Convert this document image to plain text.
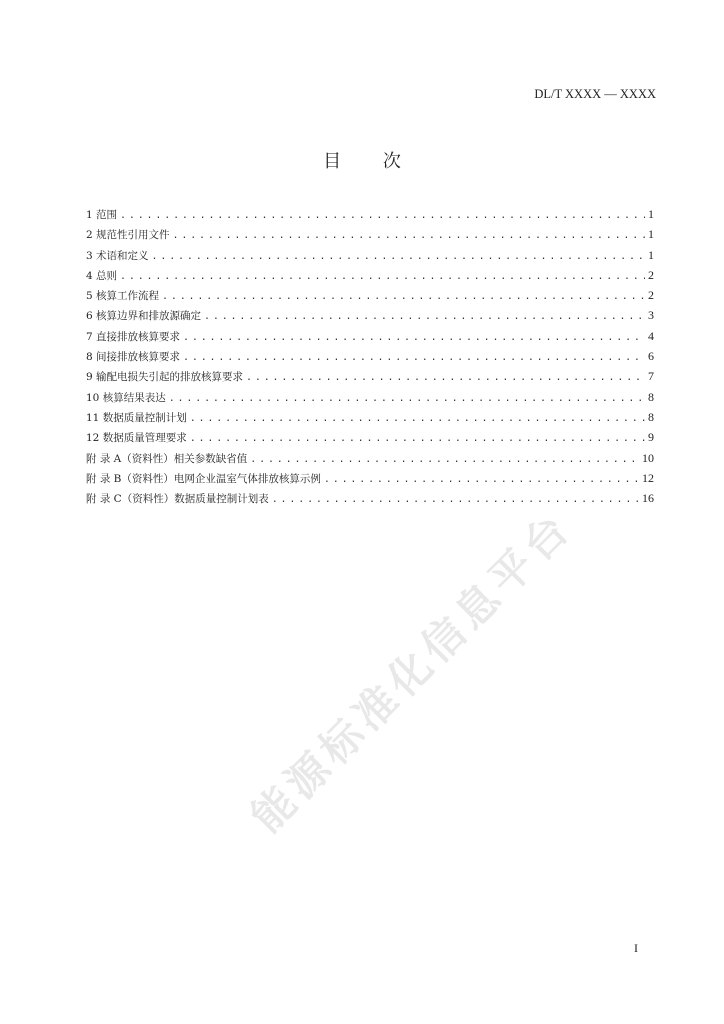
DL/T XXXX — XXXX
目 次
1 范围 . . .	1
2 规范性引用文件 . . .	1
3 术语和定义 . . .	1
4 总则 . . .	2
5 核算工作流程 . . .	2
6 核算边界和排放源确定 . . .	3
7 直接排放核算要求 . . .	4
8 间接排放核算要求 . . .	6
9 输配电损失引起的排放核算要求 . . .	7
10 核算结果表达 . . .	8
11 数据质量控制计划 . . .	8
12 数据质量管理要求 . . .	9
附 录 A（资料性）相关参数缺省值 . . .	10
附 录 B（资料性）电网企业温室气体排放核算示例 . . .	12
附 录 C（资料性）数据质量控制计划表 . . .	16
能源标准化信息平台
I
